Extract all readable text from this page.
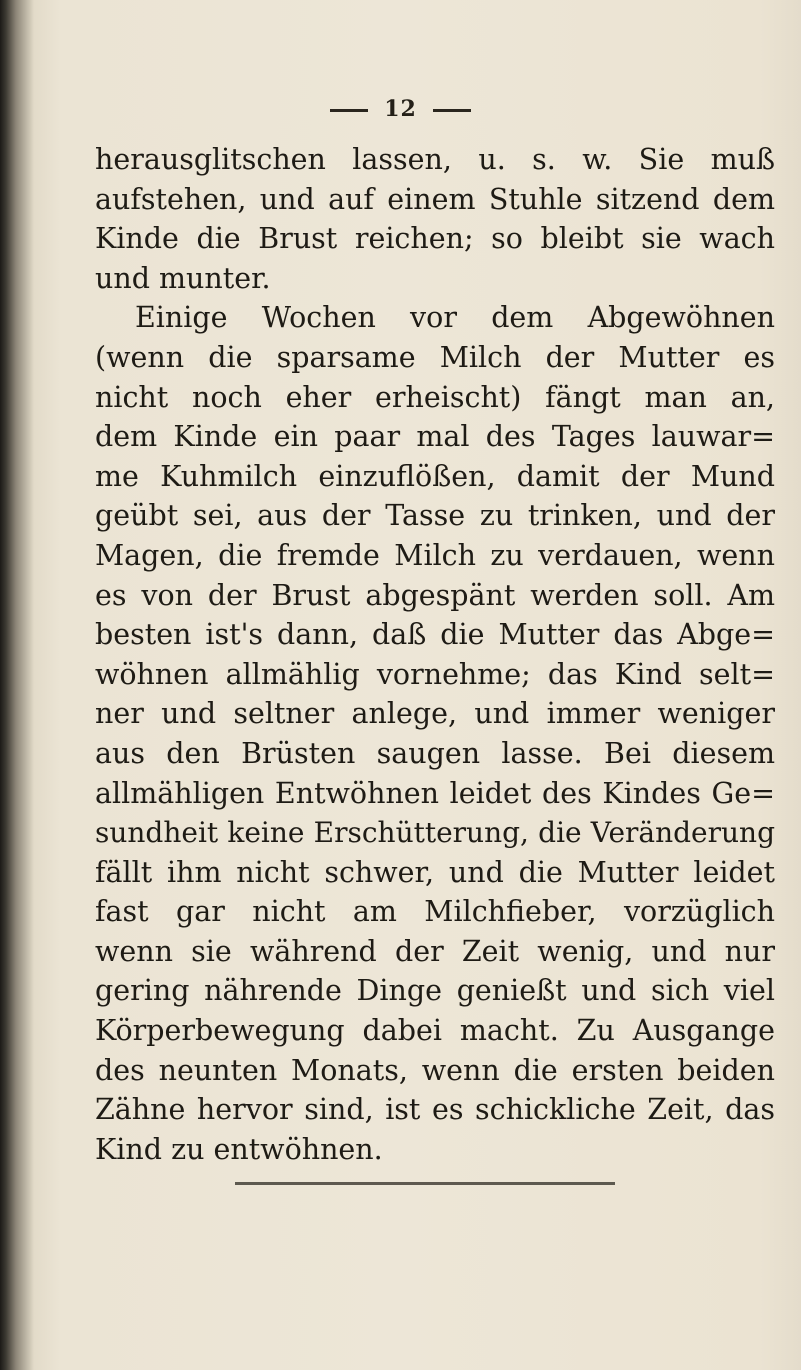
12
herausglitschen lassen, u. s. w. Sie muß
aufstehen, und auf einem Stuhle sitzend dem
Kinde die Brust reichen; so bleibt sie wach
und munter.
Einige Wochen vor dem Abgewöhnen
(wenn die sparsame Milch der Mutter es
nicht noch eher erheischt) fängt man an,
dem Kinde ein paar mal des Tages lauwar=
me Kuhmilch einzuflößen, damit der Mund
geübt sei, aus der Tasse zu trinken, und der
Magen, die fremde Milch zu verdauen, wenn
es von der Brust abgespänt werden soll. Am
besten ist's dann, daß die Mutter das Abge=
wöhnen allmählig vornehme; das Kind selt=
ner und seltner anlege, und immer weniger
aus den Brüsten saugen lasse. Bei diesem
allmähligen Entwöhnen leidet des Kindes Ge=
sundheit keine Erschütterung, die Veränderung
fällt ihm nicht schwer, und die Mutter leidet
fast gar nicht am Milchfieber, vorzüglich
wenn sie während der Zeit wenig, und nur
gering nährende Dinge genießt und sich viel
Körperbewegung dabei macht. Zu Ausgange
des neunten Monats, wenn die ersten beiden
Zähne hervor sind, ist es schickliche Zeit, das
Kind zu entwöhnen.
